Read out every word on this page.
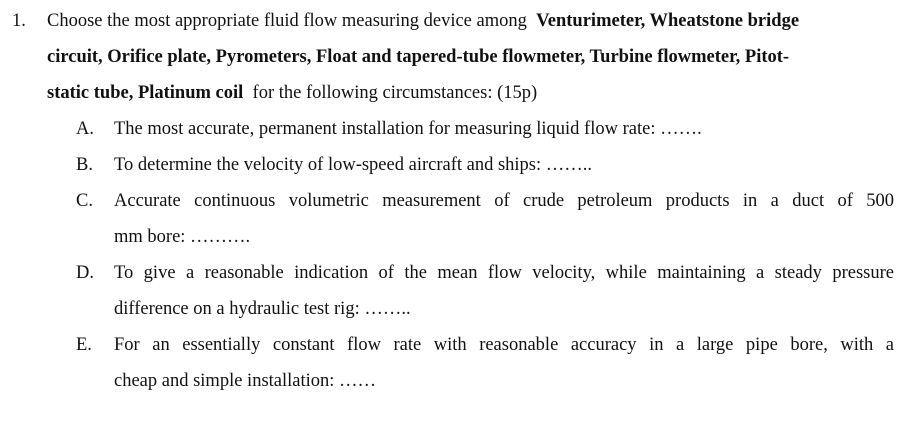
1. Choose the most appropriate fluid flow measuring device among Venturimeter, Wheatstone bridge
circuit, Orifice plate, Pyrometers, Float and tapered-tube flowmeter, Turbine flowmeter, Pitot-
static tube, Platinum coil for the following circumstances: (15p)
A. The most accurate, permanent installation for measuring liquid flow rate: …….
B. To determine the velocity of low-speed aircraft and ships: ……..
C. Accurate continuous volumetric measurement of crude petroleum products in a duct of 500
mm bore: ……….
D. To give a reasonable indication of the mean flow velocity, while maintaining a steady pressure
difference on a hydraulic test rig: ……..
E. For an essentially constant flow rate with reasonable accuracy in a large pipe bore, with a
cheap and simple installation: ……
